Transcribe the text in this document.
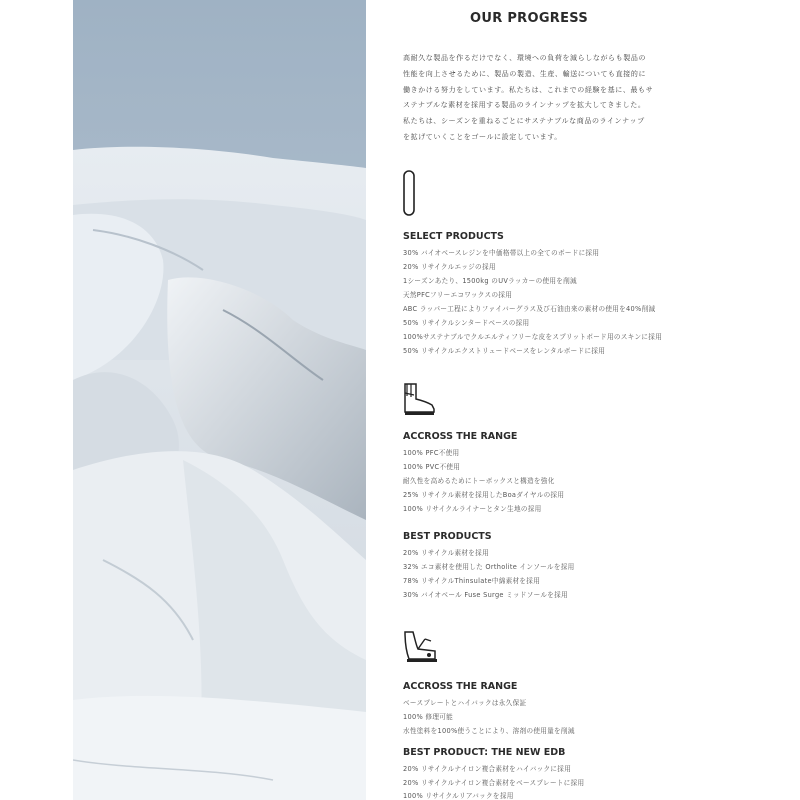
OUR PROGRESS
高耐久な製品を作るだけでなく、環境への負荷を減らしながらも製品の
性能を向上させるために、製品の製造、生産、輸送についても直接的に
働きかける努力をしています。私たちは、これまでの経験を基に、最もサ
ステナブルな素材を採用する製品のラインナップを拡大してきました。
私たちは、シーズンを重ねるごとにサステナブルな商品のラインナップ
を拡げていくことをゴールに設定しています。
SELECT PRODUCTS
30% バイオベースレジンを中価格帯以上の全てのボードに採用
20% リサイクルエッジの採用
1シーズンあたり、1500kg のUVラッカーの使用を削減
天然PFCフリーエコワックスの採用
ABC ラッパー工程によりファイバーグラス及び石油由来の素材の使用を40%削減
50% リサイクルシンタードベースの採用
100%サステナブルでクルエルティフリーな皮をスプリットボード用のスキンに採用
50% リサイクルエクストリュードベースをレンタルボードに採用
ACCROSS THE RANGE
100% PFC不使用
100% PVC不使用
耐久性を高めるためにトーボックスと構造を強化
25% リサイクル素材を採用したBoaダイヤルの採用
100% リサイクルライナーとタン生地の採用
BEST PRODUCTS
20% リサイクル素材を採用
32% エコ素材を使用した Ortholite インソールを採用
78% リサイクルThinsulate中綿素材を採用
30% バイオベール Fuse Surge ミッドソールを採用
ACCROSS THE RANGE
ベースプレートとハイバックは永久保証
100% 修理可能
水性塗料を100%使うことにより、溶剤の使用量を削減
BEST PRODUCT: THE NEW EDB
20% リサイクルナイロン複合素材をハイバックに採用
20% リサイクルナイロン複合素材をベースプレートに採用
100% リサイクルリアバックを採用
